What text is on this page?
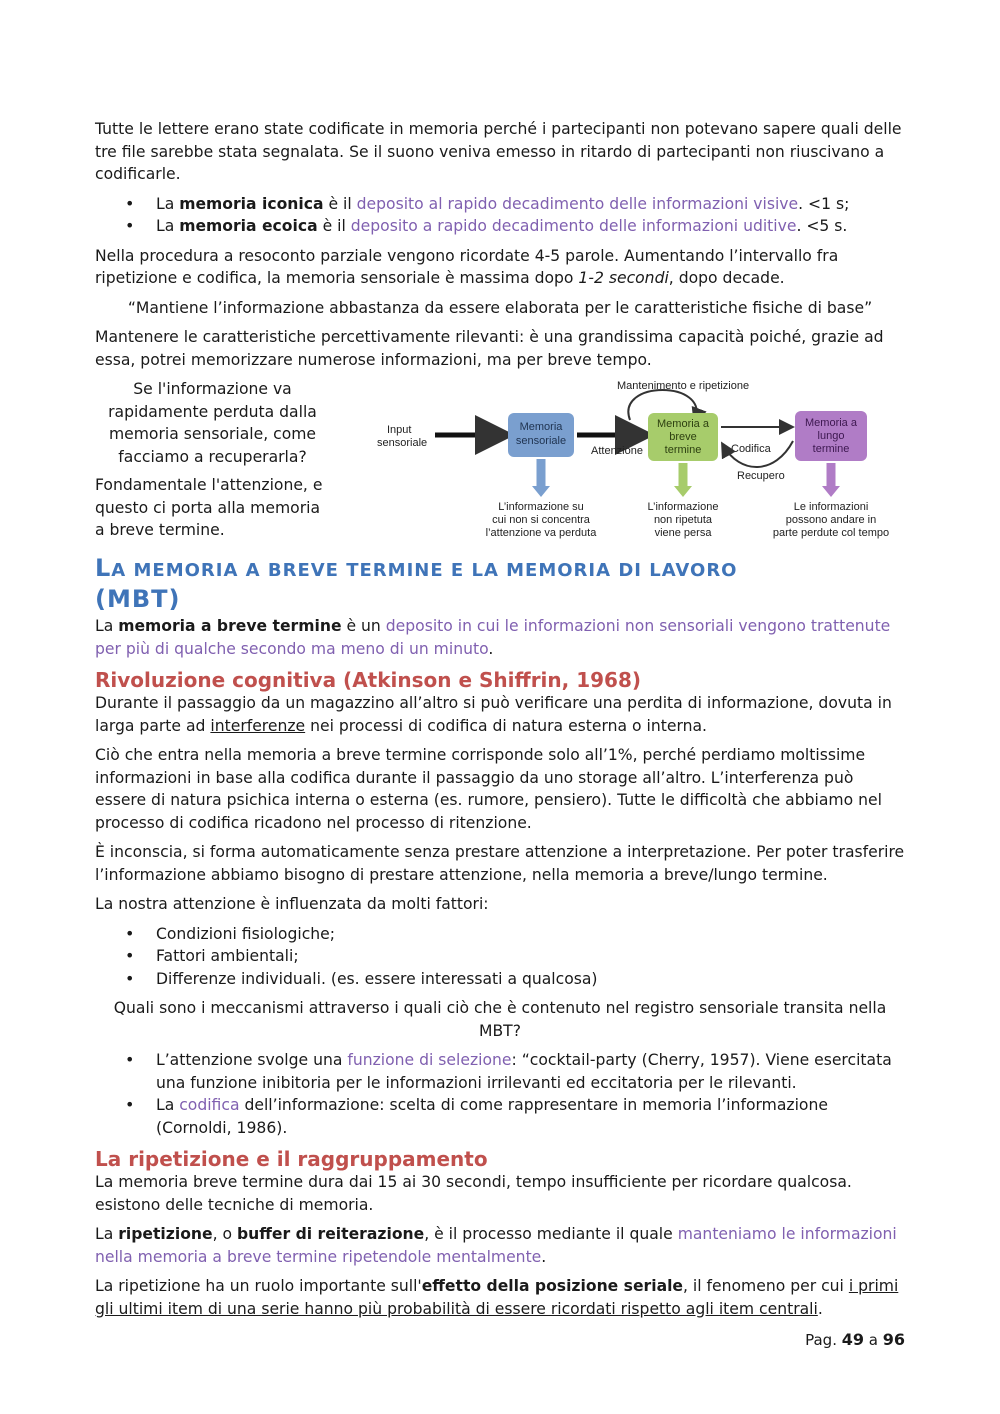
Tutte le lettere erano state codificate in memoria perché i partecipanti non potevano sapere quali delle tre file sarebbe stata segnalata. Se il suono veniva emesso in ritardo di partecipanti non riuscivano a codificarle.

• La memoria iconica è il deposito al rapido decadimento delle informazioni visive. <1 s;
• La memoria ecoica è il deposito a rapido decadimento delle informazioni uditive. <5 s.

Nella procedura a resoconto parziale vengono ricordate 4-5 parole. Aumentando l’intervallo fra ripetizione e codifica, la memoria sensoriale è massima dopo 1-2 secondi, dopo decade.

“Mantiene l’informazione abbastanza da essere elaborata per le caratteristiche fisiche di base”

Mantenere le caratteristiche percettivamente rilevanti: è una grandissima capacità poiché, grazie ad essa, potrei memorizzare numerose informazioni, ma per breve tempo.

Se l'informazione va rapidamente perduta dalla memoria sensoriale, come facciamo a recuperarla?

Fondamentale l'attenzione, e questo ci porta alla memoria a breve termine.

Mantenimento e ripetizione
Input
sensoriale
Memoria
sensoriale
Attenzione
Memoria a
breve
termine	Codifica
Recupero
Memoria a
lungo
termine
L’informazione su
cui non si concentra
l’attenzione va perduta
L’informazione
non ripetuta
viene persa
Le informazioni
possono andare in
parte perdute col tempo
LA MEMORIA A BREVE TERMINE E LA MEMORIA DI LAVORO
(MBT)

La memoria a breve termine è un deposito in cui le informazioni non sensoriali vengono trattenute per più di qualche secondo ma meno di un minuto.

Rivoluzione cognitiva (Atkinson e Shiffrin, 1968)

Durante il passaggio da un magazzino all’altro si può verificare una perdita di informazione, dovuta in larga parte ad interferenze nei processi di codifica di natura esterna o interna.

Ciò che entra nella memoria a breve termine corrisponde solo all’1%, perché perdiamo moltissime informazioni in base alla codifica durante il passaggio da uno storage all’altro. L’interferenza può essere di natura psichica interna o esterna (es. rumore, pensiero). Tutte le difficoltà che abbiamo nel processo di codifica ricadono nel processo di ritenzione.

È inconscia, si forma automaticamente senza prestare attenzione a interpretazione. Per poter trasferire l’informazione abbiamo bisogno di prestare attenzione, nella memoria a breve/lungo termine.

La nostra attenzione è influenzata da molti fattori:

• Condizioni fisiologiche;
• Fattori ambientali;
• Differenze individuali. (es. essere interessati a qualcosa)

Quali sono i meccanismi attraverso i quali ciò che è contenuto nel registro sensoriale transita nella MBT?

• L’attenzione svolge una funzione di selezione: “cocktail-party (Cherry, 1957). Viene esercitata una funzione inibitoria per le informazioni irrilevanti ed eccitatoria per le rilevanti.
• La codifica dell’informazione: scelta di come rappresentare in memoria l’informazione (Cornoldi, 1986).
La ripetizione e il raggruppamento

La memoria breve termine dura dai 15 ai 30 secondi, tempo insufficiente per ricordare qualcosa. esistono delle tecniche di memoria.

La ripetizione, o buffer di reiterazione, è il processo mediante il quale manteniamo le informazioni nella memoria a breve termine ripetendole mentalmente.

La ripetizione ha un ruolo importante sull'effetto della posizione seriale, il fenomeno per cui i primi gli ultimi item di una serie hanno più probabilità di essere ricordati rispetto agli item centrali.

Pag. 49 a 96
